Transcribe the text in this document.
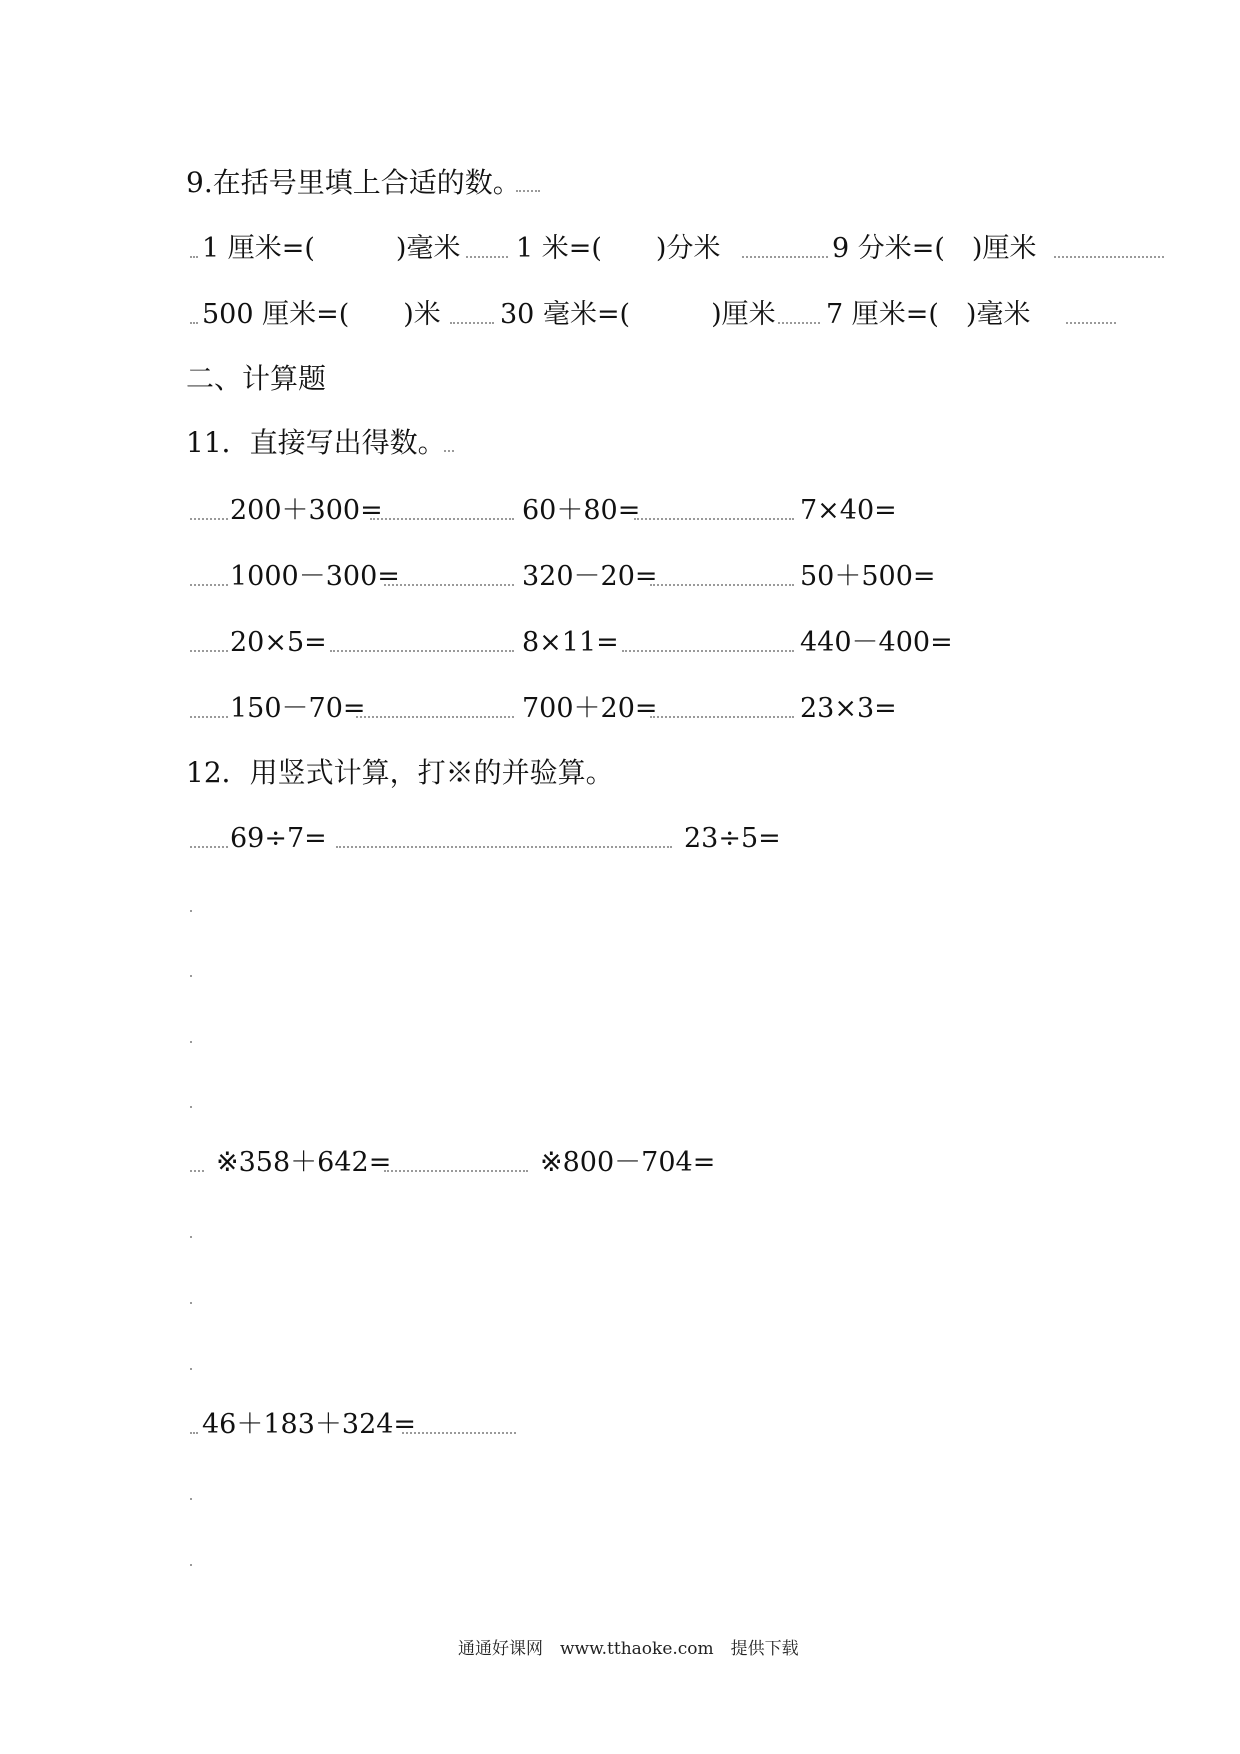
9.在括号里填上合适的数。
1 厘米=(　　　)毫米 1 米=(　　)分米	9 分米=(　)厘米
500 厘米=(　　)米 30 毫米=(　　　)厘米 7 厘米=(　)毫米
二、计算题
11．直接写出得数。
200＋300=	60＋80=	7×40=
1000－300=	320－20=	50＋500=
20×5=	8×11=	440－400=
150－70=	700＋20=	23×3=
12．用竖式计算，打※的并验算。
69÷7=	23÷5=
※358＋642=	※800－704=
46＋183＋324=
通通好课网　www.tthaoke.com　提供下载
